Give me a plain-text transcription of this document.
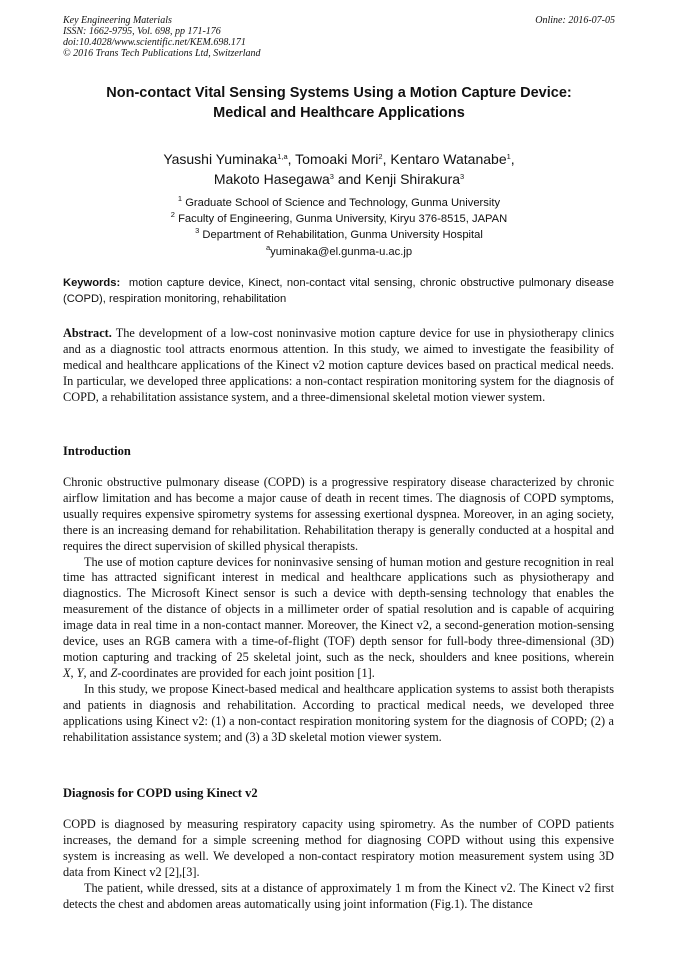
Key Engineering Materials
ISSN: 1662-9795, Vol. 698, pp 171-176
doi:10.4028/www.scientific.net/KEM.698.171
© 2016 Trans Tech Publications Ltd, Switzerland
Online: 2016-07-05
Non-contact Vital Sensing Systems Using a Motion Capture Device:
Medical and Healthcare Applications
Yasushi Yuminaka$^{1,a}$, Tomoaki Mori$^2$, Kentaro Watanabe$^1$,
Makoto Hasegawa$^3$ and Kenji Shirakura$^3$
$^1$ Graduate School of Science and Technology, Gunma University
$^2$ Faculty of Engineering, Gunma University, Kiryu 376-8515, JAPAN
$^3$ Department of Rehabilitation, Gunma University Hospital
$^a$yuminaka@el.gunma-u.ac.jp
Keywords: motion capture device, Kinect, non-contact vital sensing, chronic obstructive pulmonary disease (COPD), respiration monitoring, rehabilitation

Abstract. The development of a low-cost noninvasive motion capture device for use in physiotherapy clinics and as a diagnostic tool attracts enormous attention. In this study, we aimed to investigate the feasibility of medical and healthcare applications of the Kinect v2 motion capture devices based on practical medical needs. In particular, we developed three applications: a non-contact respiration monitoring system for the diagnosis of COPD, a rehabilitation assistance system, and a three-dimensional skeletal motion viewer system.

Introduction

Chronic obstructive pulmonary disease (COPD) is a progressive respiratory disease characterized by chronic airflow limitation and has become a major cause of death in recent times. The diagnosis of COPD symptoms, usually requires expensive spirometry systems for assessing exertional dyspnea. Moreover, in an aging society, there is an increasing demand for rehabilitation. Rehabilitation therapy is generally conducted at a hospital and requires the direct supervision of skilled physical therapists.

The use of motion capture devices for noninvasive sensing of human motion and gesture recognition in real time has attracted significant interest in medical and healthcare applications such as physiotherapy and diagnostics. The Microsoft Kinect sensor is such a device with depth-sensing technology that enables the measurement of the distance of objects in a millimeter order of spatial resolution and is capable of acquiring image data in real time in a non-contact manner. Moreover, the Kinect v2, a second-generation motion-sensing device, uses an RGB camera with a time-of-flight (TOF) depth sensor for full-body three-dimensional (3D) motion capturing and tracking of 25 skeletal joint, such as the neck, shoulders and knee positions, wherein X, Y, and Z-coordinates are provided for each joint position [1].

In this study, we propose Kinect-based medical and healthcare application systems to assist both therapists and patients in diagnosis and rehabilitation. According to practical medical needs, we developed three applications using Kinect v2: (1) a non-contact respiration monitoring system for the diagnosis of COPD; (2) a rehabilitation assistance system; and (3) a 3D skeletal motion viewer system.

Diagnosis for COPD using Kinect v2

COPD is diagnosed by measuring respiratory capacity using spirometry. As the number of COPD patients increases, the demand for a simple screening method for diagnosing COPD without using this expensive system is increasing as well. We developed a non-contact respiratory motion measurement system using 3D data from Kinect v2 [2],[3].

The patient, while dressed, sits at a distance of approximately 1 m from the Kinect v2. The Kinect v2 first detects the chest and abdomen areas automatically using joint information (Fig.1). The distance
